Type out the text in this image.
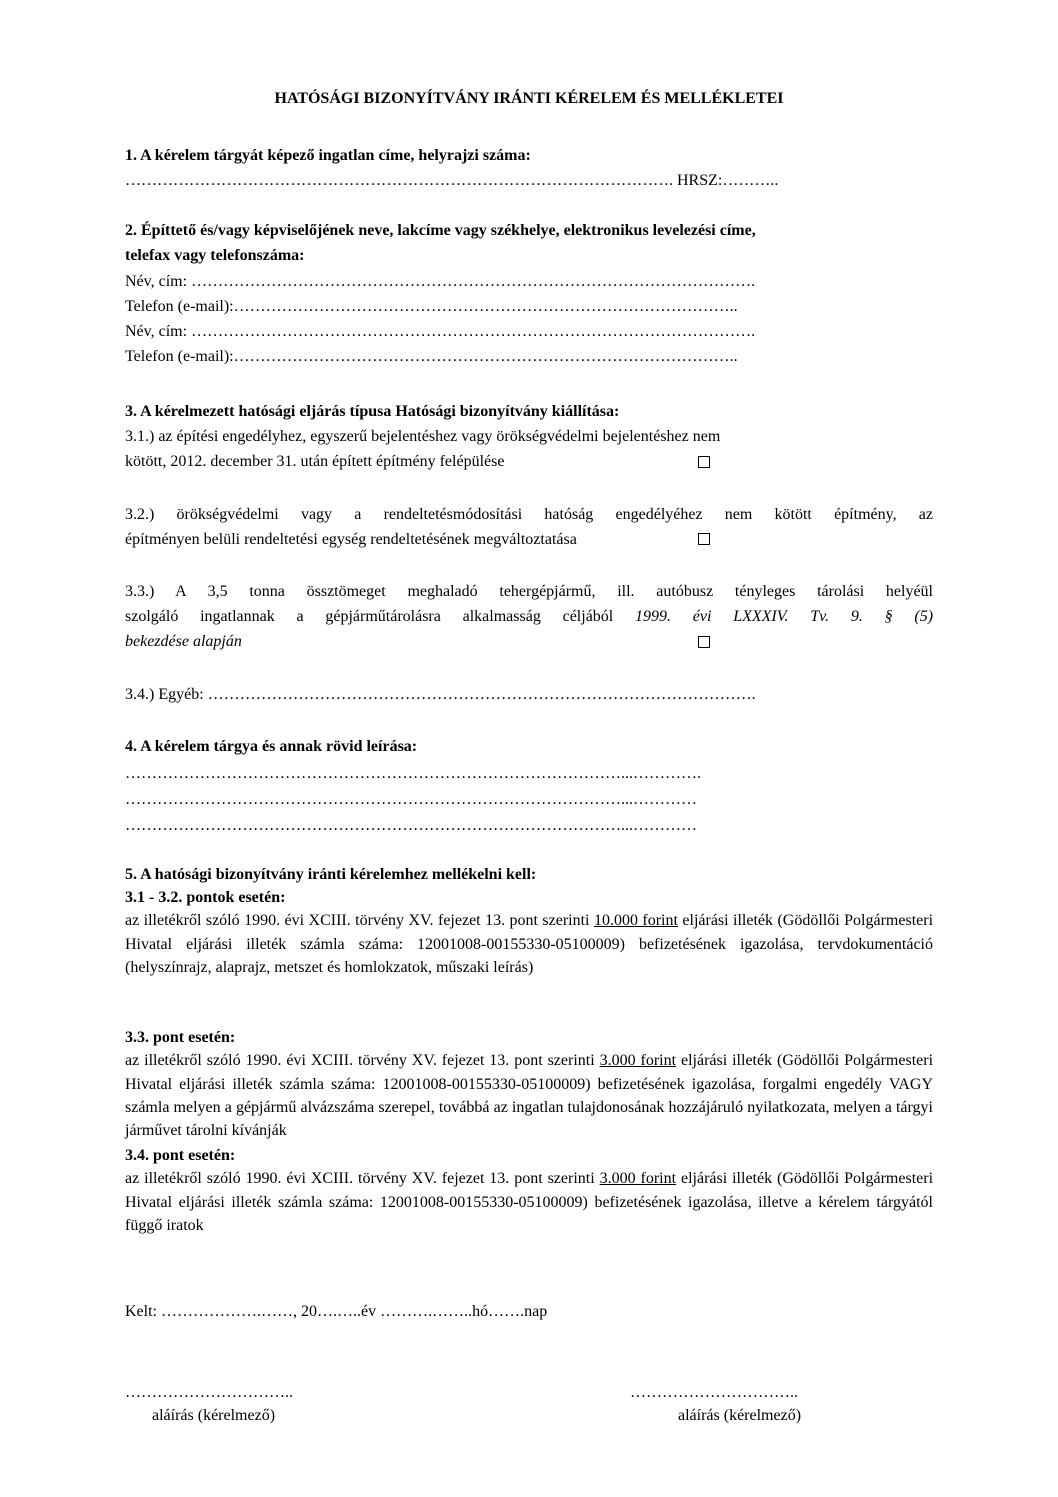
HATÓSÁGI BIZONYÍTVÁNY IRÁNTI KÉRELEM ÉS MELLÉKLETEI
1. A kérelem tárgyát képező ingatlan címe, helyrajzi száma:
…………………………………………………………………………………………. HRSZ:………..
2. Építtető és/vagy képviselőjének neve, lakcíme vagy székhelye, elektronikus levelezési címe,
telefax vagy telefonszáma:
Név, cím: …………………………………………………………………………………………….
Telefon (e-mail):…………………………………………………………………………………..
Név, cím: …………………………………………………………………………………………….
Telefon (e-mail):…………………………………………………………………………………..
3. A kérelmezett hatósági eljárás típusa Hatósági bizonyítvány kiállítása:
3.1.) az építési engedélyhez, egyszerű bejelentéshez vagy örökségvédelmi bejelentéshez nem
kötött, 2012. december 31. után épített építmény felépülése
3.2.) örökségvédelmi vagy a rendeltetésmódosítási hatóság engedélyéhez nem kötött építmény, az
építményen belüli rendeltetési egység rendeltetésének megváltoztatása
3.3.) A 3,5 tonna össztömeget meghaladó tehergépjármű, ill. autóbusz tényleges tárolási helyéül
szolgáló ingatlannak a gépjárműtárolásra alkalmasság céljából 1999. évi LXXXIV. Tv. 9. § (5)
bekezdése alapján
3.4.) Egyéb: ………………………………………………………………………………………….
4. A kérelem tárgya és annak rövid leírása:
…………………………………………………………………………………...………….
…………………………………………………………………………………...…………
…………………………………………………………………………………...…………
5. A hatósági bizonyítvány iránti kérelemhez mellékelni kell:
3.1 - 3.2. pontok esetén:
az illetékről szóló 1990. évi XCIII. törvény XV. fejezet 13. pont szerinti 10.000 forint eljárási illeték (Gödöllői Polgármesteri Hivatal eljárási illeték számla száma: 12001008-00155330-05100009) befizetésének igazolása, tervdokumentáció (helyszínrajz, alaprajz, metszet és homlokzatok, műszaki leírás)
3.3. pont esetén:
az illetékről szóló 1990. évi XCIII. törvény XV. fejezet 13. pont szerinti 3.000 forint eljárási illeték (Gödöllői Polgármesteri Hivatal eljárási illeték számla száma: 12001008-00155330-05100009) befizetésének igazolása, forgalmi engedély VAGY számla melyen a gépjármű alvázszáma szerepel, továbbá az ingatlan tulajdonosának hozzájáruló nyilatkozata, melyen a tárgyi járművet tárolni kívánják
3.4. pont esetén:
az illetékről szóló 1990. évi XCIII. törvény XV. fejezet 13. pont szerinti 3.000 forint eljárási illeték (Gödöllői Polgármesteri Hivatal eljárási illeték számla száma: 12001008-00155330-05100009) befizetésének igazolása, illetve a kérelem tárgyától függő iratok
Kelt: ……………….……, 20….…..év ……….……..hó…….nap
…………………………..
aláírás (kérelmező)
…………………………..
aláírás (kérelmező)
